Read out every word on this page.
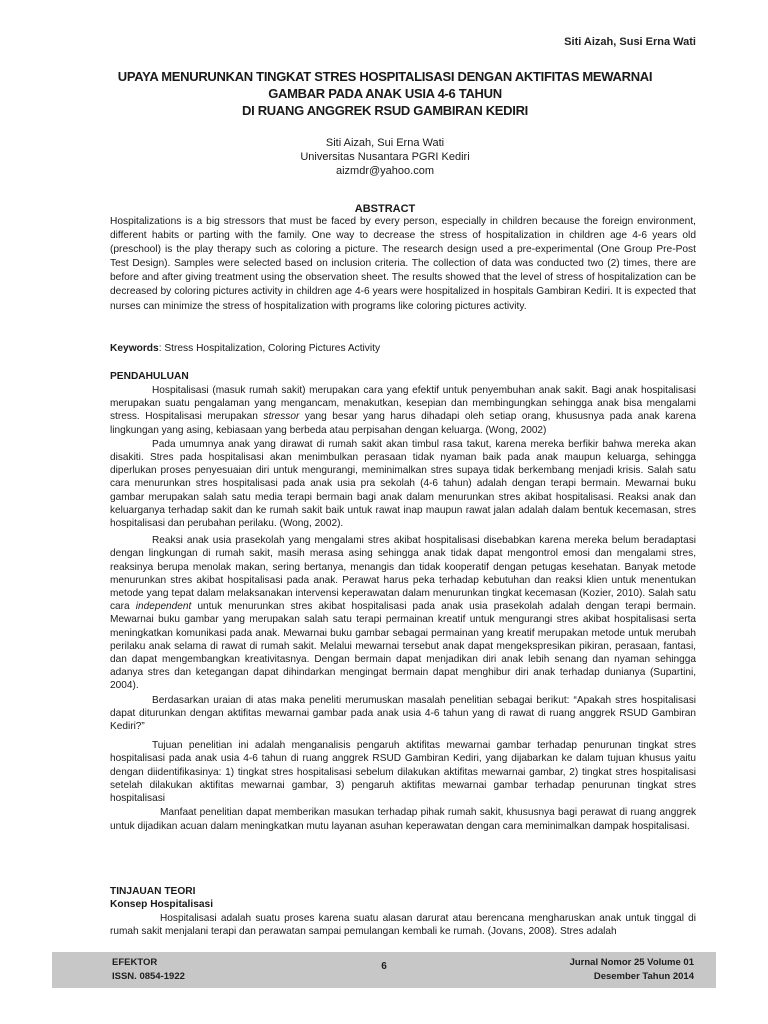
Siti Aizah, Susi Erna Wati
UPAYA MENURUNKAN TINGKAT STRES HOSPITALISASI DENGAN AKTIFITAS MEWARNAI
GAMBAR PADA ANAK USIA 4-6 TAHUN
DI RUANG ANGGREK RSUD GAMBIRAN KEDIRI
Siti Aizah, Sui Erna Wati
Universitas Nusantara PGRI Kediri
aizmdr@yahoo.com
ABSTRACT

Hospitalizations is a big stressors that must be faced by every person, especially in children because the foreign environment, different habits or parting with the family. One way to decrease the stress of hospitalization in children age 4-6 years old (preschool) is the play therapy such as coloring a picture. The research design used a pre-experimental (One Group Pre-Post Test Design). Samples were selected based on inclusion criteria. The collection of data was conducted two (2) times, there are before and after giving treatment using the observation sheet. The results showed that the level of stress of hospitalization can be decreased by coloring pictures activity in children age 4-6 years were hospitalized in hospitals Gambiran Kediri. It is expected that nurses can minimize the stress of hospitalization with programs like coloring pictures activity.

Keywords: Stress Hospitalization, Coloring Pictures Activity

PENDAHULUAN

Hospitalisasi (masuk rumah sakit) merupakan cara yang efektif untuk penyembuhan anak sakit. Bagi anak hospitalisasi merupakan suatu pengalaman yang mengancam, menakutkan, kesepian dan membingungkan sehingga anak bisa mengalami stress. Hospitalisasi merupakan stressor yang besar yang harus dihadapi oleh setiap orang, khususnya pada anak karena lingkungan yang asing, kebiasaan yang berbeda atau perpisahan dengan keluarga. (Wong, 2002)

Pada umumnya anak yang dirawat di rumah sakit akan timbul rasa takut, karena mereka berfikir bahwa mereka akan disakiti. Stres pada hospitalisasi akan menimbulkan perasaan tidak nyaman baik pada anak maupun keluarga, sehingga diperlukan proses penyesuaian diri untuk mengurangi, meminimalkan stres supaya tidak berkembang menjadi krisis. Salah satu cara menurunkan stres hospitalisasi pada anak usia pra sekolah (4-6 tahun) adalah dengan terapi bermain. Mewarnai buku gambar merupakan salah satu media terapi bermain bagi anak dalam menurunkan stres akibat hospitalisasi. Reaksi anak dan keluarganya terhadap sakit dan ke rumah sakit baik untuk rawat inap maupun rawat jalan adalah dalam bentuk kecemasan, stres hospitalisasi dan perubahan perilaku. (Wong, 2002).

Reaksi anak usia prasekolah yang mengalami stres akibat hospitalisasi disebabkan karena mereka belum beradaptasi dengan lingkungan di rumah sakit, masih merasa asing sehingga anak tidak dapat mengontrol emosi dan mengalami stres, reaksinya berupa menolak makan, sering bertanya, menangis dan tidak kooperatif dengan petugas kesehatan. Banyak metode menurunkan stres akibat hospitalisasi pada anak. Perawat harus peka terhadap kebutuhan dan reaksi klien untuk menentukan metode yang tepat dalam melaksanakan intervensi keperawatan dalam menurunkan tingkat kecemasan (Kozier, 2010). Salah satu cara independent untuk menurunkan stres akibat hospitalisasi pada anak usia prasekolah adalah dengan terapi bermain. Mewarnai buku gambar yang merupakan salah satu terapi permainan kreatif untuk mengurangi stres akibat hospitalisasi serta meningkatkan komunikasi pada anak. Mewarnai buku gambar sebagai permainan yang kreatif merupakan metode untuk merubah perilaku anak selama di rawat di rumah sakit. Melalui mewarnai tersebut anak dapat mengekspresikan pikiran, perasaan, fantasi, dan dapat mengembangkan kreativitasnya. Dengan bermain dapat menjadikan diri anak lebih senang dan nyaman sehingga adanya stres dan ketegangan dapat dihindarkan mengingat bermain dapat menghibur diri anak terhadap dunianya (Supartini, 2004).

Berdasarkan uraian di atas maka peneliti merumuskan masalah penelitian sebagai berikut: “Apakah stres hospitalisasi dapat diturunkan dengan aktifitas mewarnai gambar pada anak usia 4-6 tahun yang di rawat di ruang anggrek RSUD Gambiran Kediri?”

Tujuan penelitian ini adalah menganalisis pengaruh aktifitas mewarnai gambar terhadap penurunan tingkat stres hospitalisasi pada anak usia 4-6 tahun di ruang anggrek RSUD Gambiran Kediri, yang dijabarkan ke dalam tujuan khusus yaitu dengan diidentifikasinya: 1) tingkat stres hospitalisasi sebelum dilakukan aktifitas mewarnai gambar, 2) tingkat stres hospitalisasi setelah dilakukan aktifitas mewarnai gambar, 3) pengaruh aktifitas mewarnai gambar terhadap penurunan tingkat stres hospitalisasi

Manfaat penelitian dapat memberikan masukan terhadap pihak rumah sakit, khususnya bagi perawat di ruang anggrek untuk dijadikan acuan dalam meningkatkan mutu layanan asuhan keperawatan dengan cara meminimalkan dampak hospitalisasi.

TINJAUAN TEORI

Konsep Hospitalisasi

Hospitalisasi adalah suatu proses karena suatu alasan darurat atau berencana mengharuskan anak untuk tinggal di rumah sakit menjalani terapi dan perawatan sampai pemulangan kembali ke rumah. (Jovans, 2008). Stres adalah

EFEKTOR
ISSN. 0854-1922
6	Jurnal Nomor 25 Volume 01
Desember Tahun 2014
